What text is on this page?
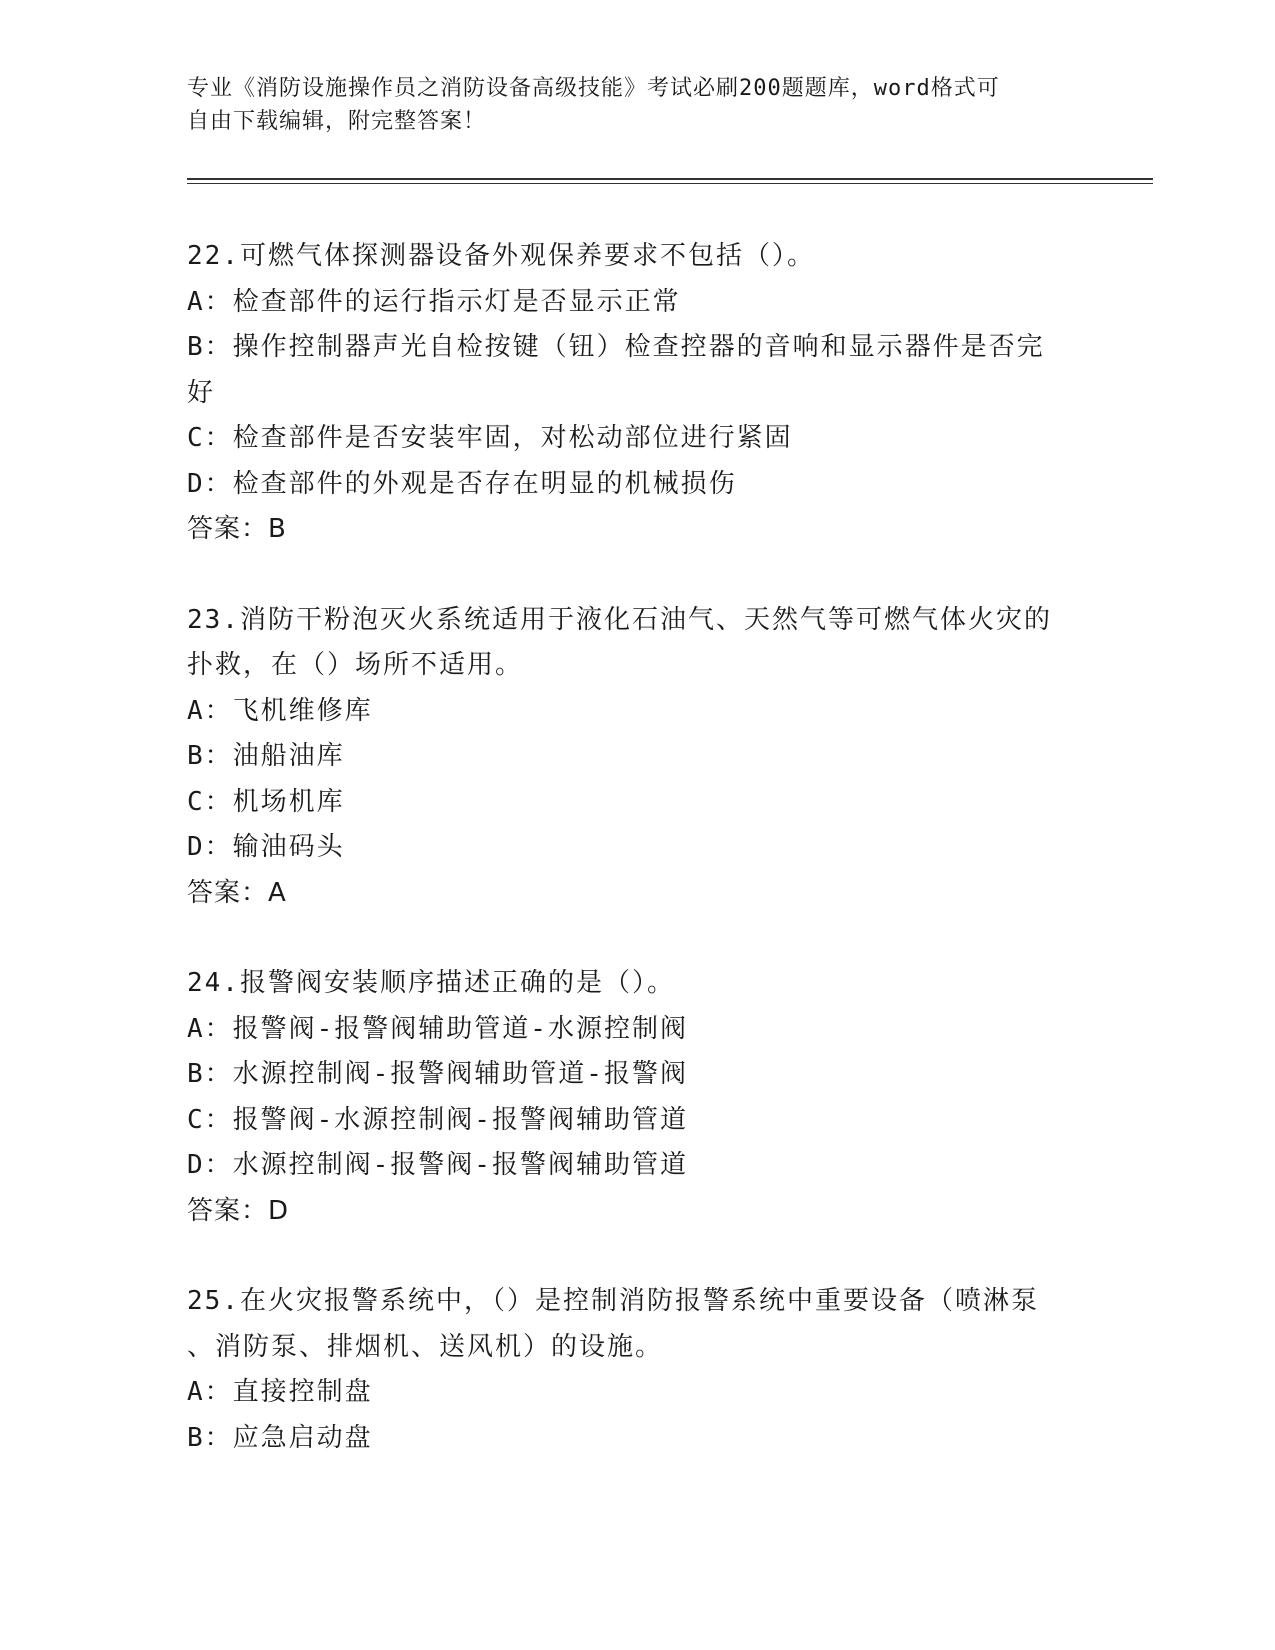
专业《消防设施操作员之消防设备高级技能》考试必刷200题题库，word格式可
自由下载编辑，附完整答案！

22.可燃气体探测器设备外观保养要求不包括（）。

A：检查部件的运行指示灯是否显示正常

B：操作控制器声光自检按键（钮）检查控器的音响和显示器件是否完

好

C：检查部件是否安装牢固，对松动部位进行紧固

D：检查部件的外观是否存在明显的机械损伤

答案：B

23.消防干粉泡灭火系统适用于液化石油气、天然气等可燃气体火灾的

扑救，在（）场所不适用。

A：飞机维修库

B：油船油库

C：机场机库

D：输油码头

答案：A

24.报警阀安装顺序描述正确的是（）。

A：报警阀-报警阀辅助管道-水源控制阀

B：水源控制阀-报警阀辅助管道-报警阀

C：报警阀-水源控制阀-报警阀辅助管道

D：水源控制阀-报警阀-报警阀辅助管道

答案：D

25.在火灾报警系统中，（）是控制消防报警系统中重要设备（喷淋泵

、消防泵、排烟机、送风机）的设施。

A：直接控制盘

B：应急启动盘
